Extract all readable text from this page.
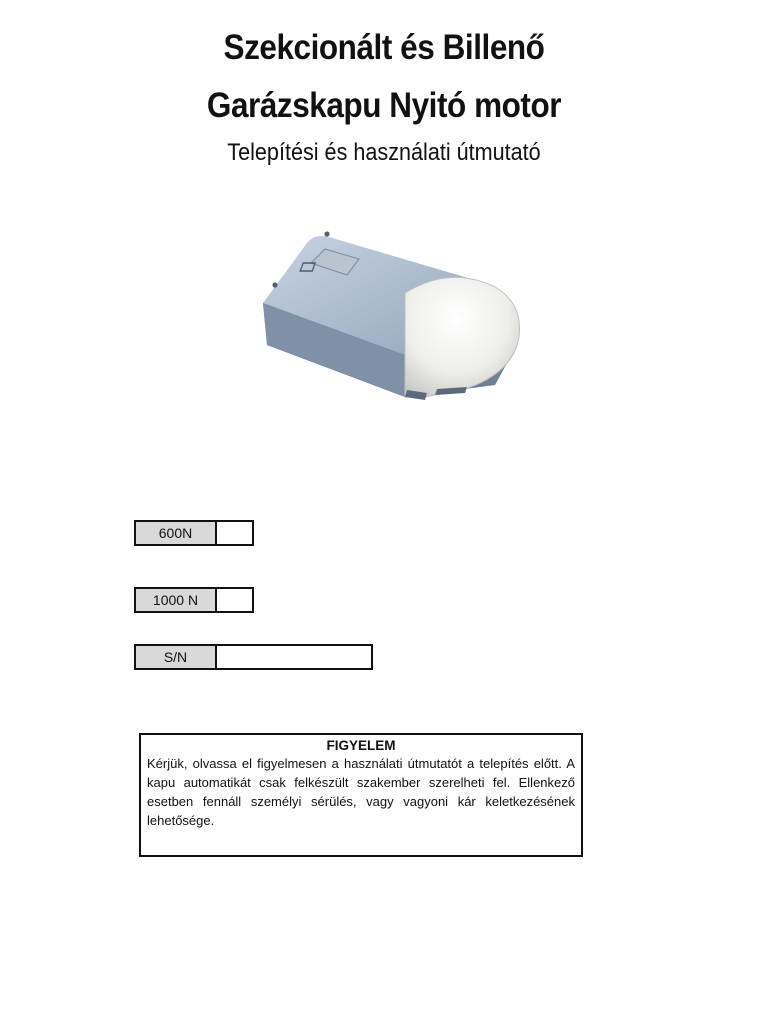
Szekcionált és Billenő
Garázskapu Nyitó motor
Telepítési és használati útmutató
600N	
1000 N	
S/N	
FIGYELEM

Kérjük, olvassa el figyelmesen a használati útmutatót a telepítés előtt. A kapu automatikát csak felkészült szakember szerelheti fel. Ellenkező esetben fennáll személyi sérülés, vagy vagyoni kár keletkezésének lehetősége.
